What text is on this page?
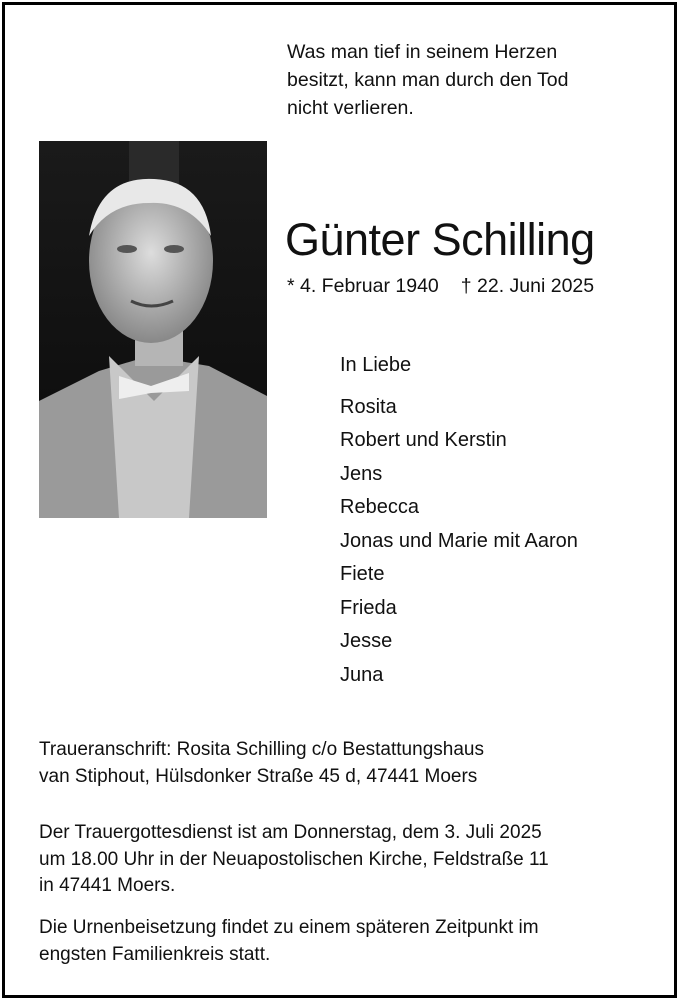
Was man tief in seinem Herzen
besitzt, kann man durch den Tod
nicht verlieren.
Günter Schilling
* 4. Februar 1940 † 22. Juni 2025
In Liebe
Rosita
Robert und Kerstin
Jens
Rebecca
Jonas und Marie mit Aaron
Fiete
Frieda
Jesse
Juna
Traueranschrift: Rosita Schilling c/o Bestattungshaus
van Stiphout, Hülsdonker Straße 45 d, 47441 Moers
Der Trauergottesdienst ist am Donnerstag, dem 3. Juli 2025
um 18.00 Uhr in der Neuapostolischen Kirche, Feldstraße 11
in 47441 Moers.
Die Urnenbeisetzung findet zu einem späteren Zeitpunkt im
engsten Familienkreis statt.
